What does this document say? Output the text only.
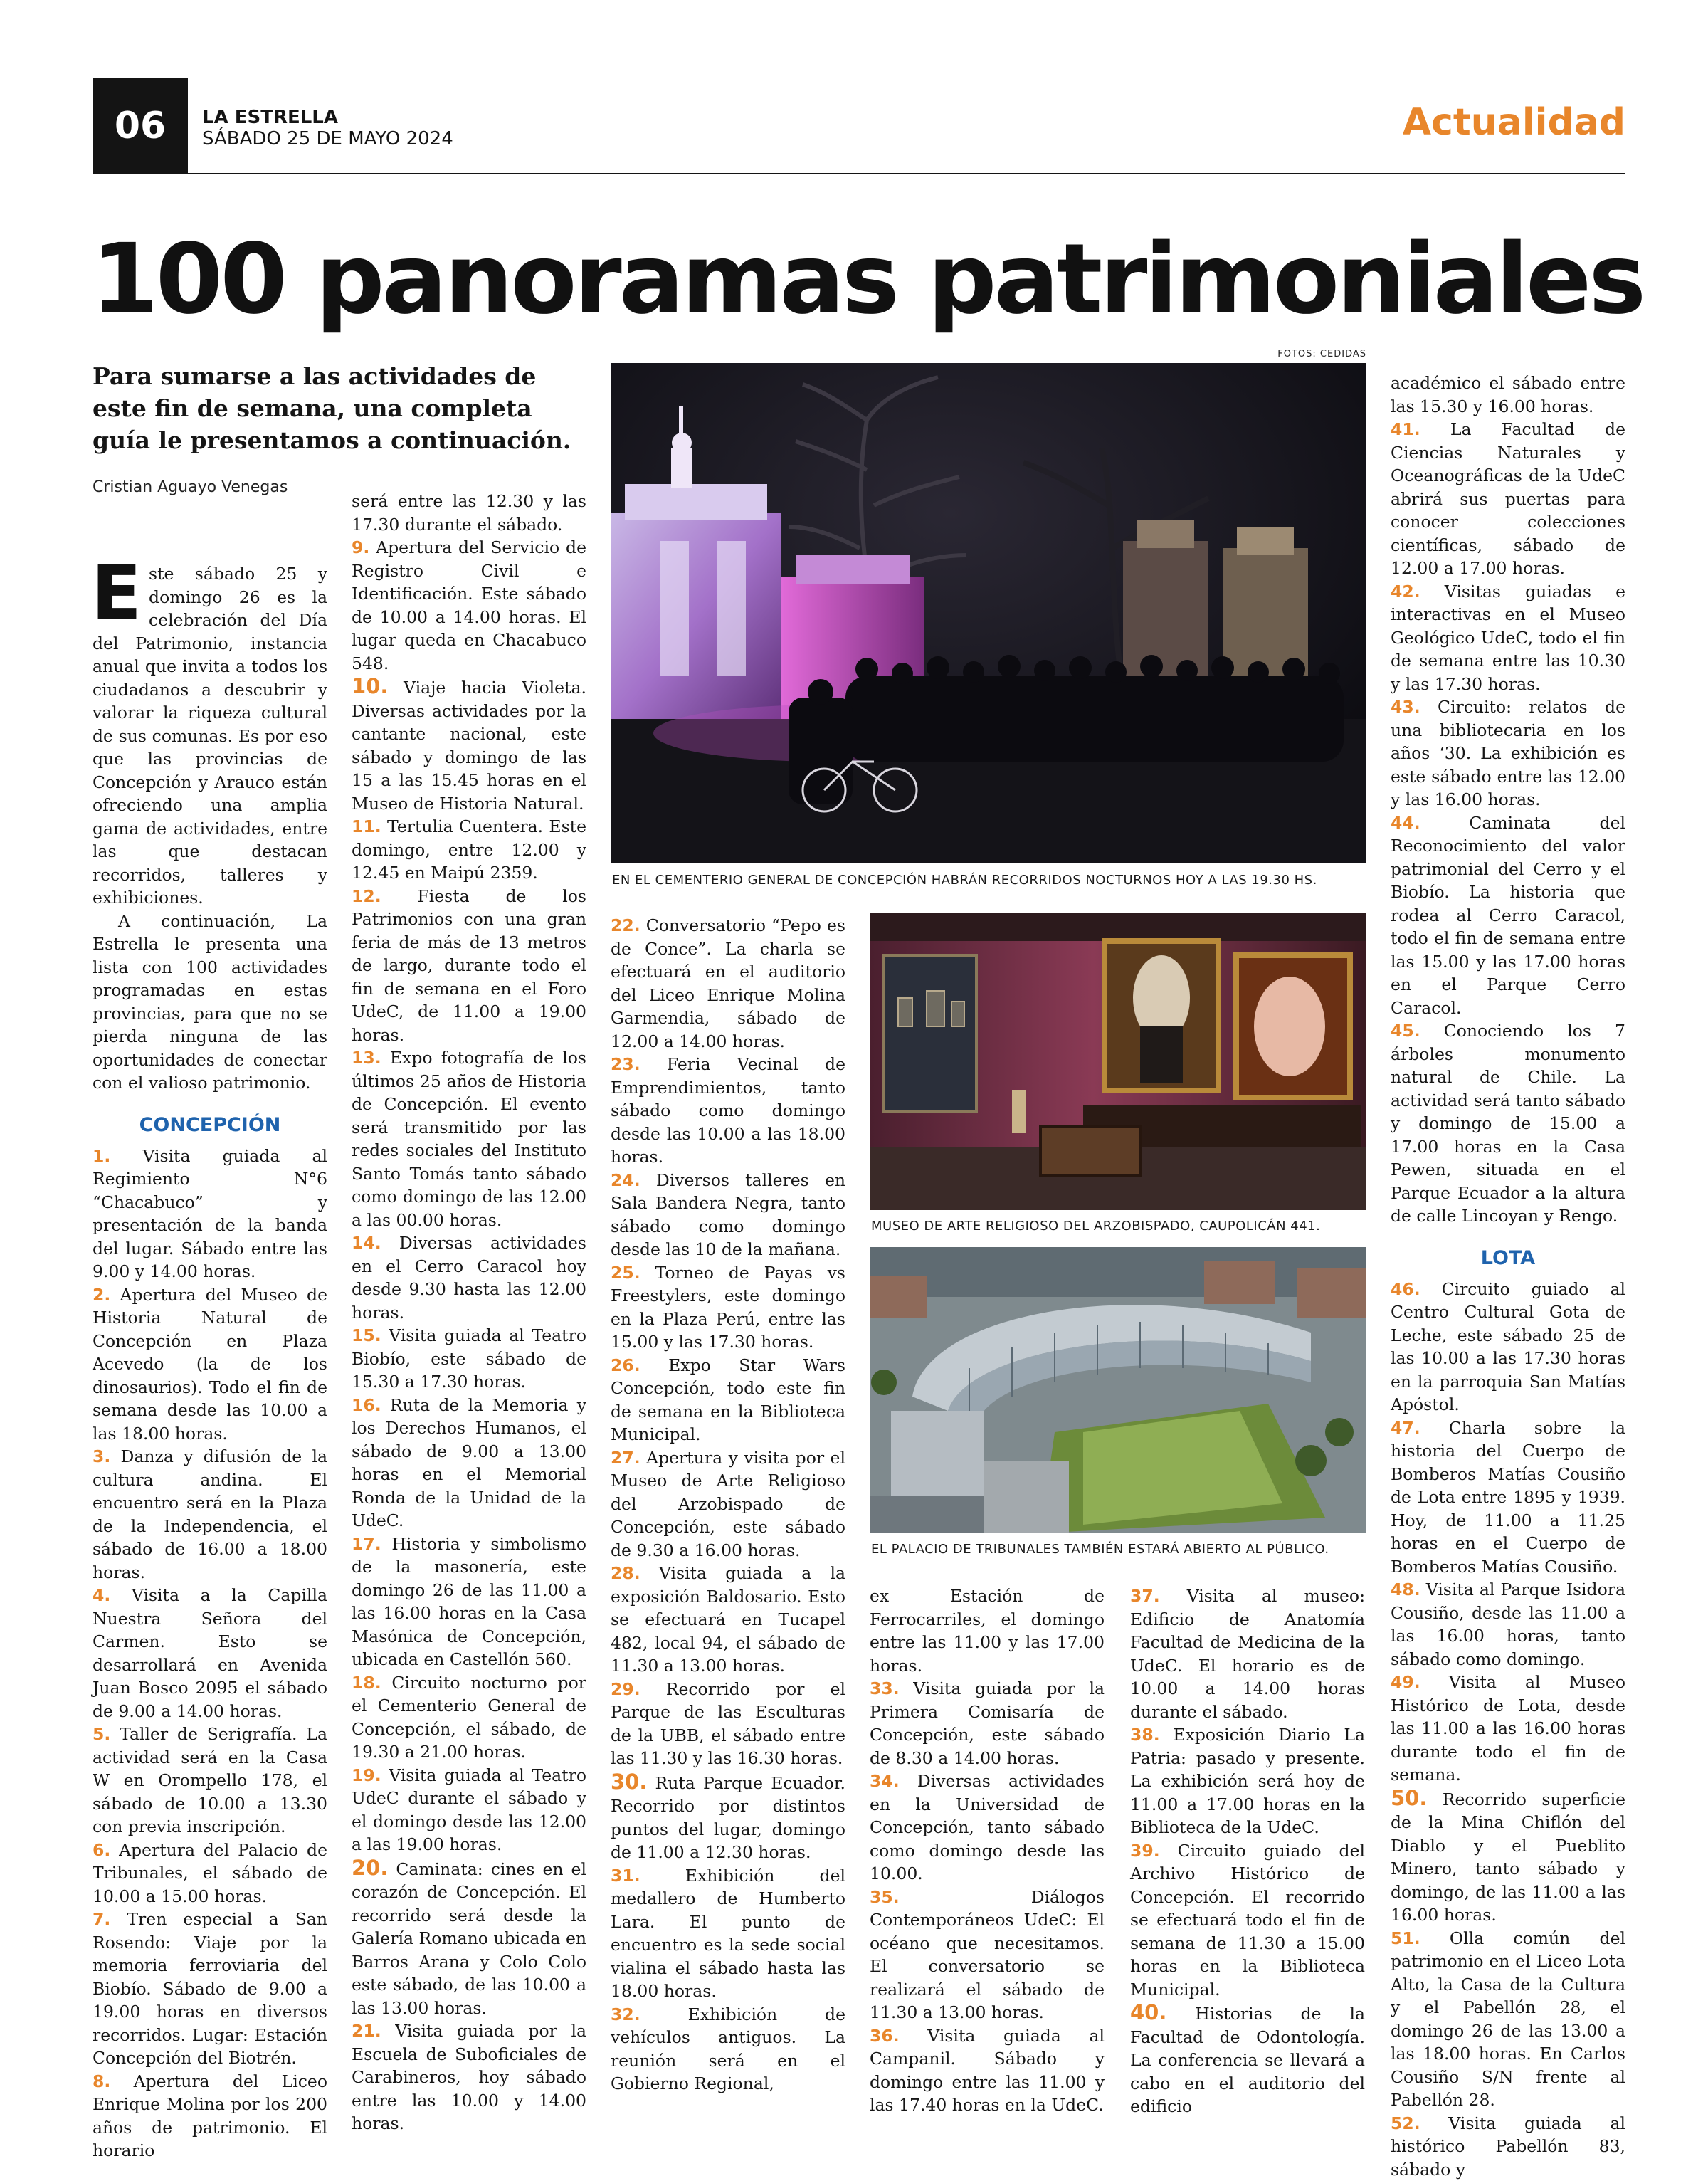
06	LA ESTRELLA
SÁBADO 25 DE MAYO 2024	Actualidad
100 panoramas patrimoniales
Para sumarse a las actividades de este fin de semana, una completa guía le presentamos a continuación.
Cristian Aguayo Venegas
FOTOS: CEDIDAS

Este sábado 25 y domingo 26 es la celebración del Día del Patrimonio, instancia anual que invita a todos los ciudadanos a descubrir y valorar la riqueza cultural de sus comunas. Es por eso que las provincias de Concepción y Arauco están ofreciendo una amplia gama de actividades, entre las que destacan recorridos, talleres y exhibiciones.

A continuación, La Estrella le presenta una lista con 100 actividades programadas en estas provincias, para que no se pierda ninguna de las oportunidades de conectar con el valioso patrimonio.

CONCEPCIÓN

1. Visita guiada al Regimiento N°6 “Chacabuco” y presentación de la banda del lugar. Sábado entre las 9.00 y 14.00 horas.

2. Apertura del Museo de Historia Natural de Concepción en Plaza Acevedo (la de los dinosaurios). Todo el fin de semana desde las 10.00 a las 18.00 horas.

3. Danza y difusión de la cultura andina. El encuentro será en la Plaza de la Independencia, el sábado de 16.00 a 18.00 horas.

4. Visita a la Capilla Nuestra Señora del Carmen. Esto se desarrollará en Avenida Juan Bosco 2095 el sábado de 9.00 a 14.00 horas.

5. Taller de Serigrafía. La actividad será en la Casa W en Orompello 178, el sábado de 10.00 a 13.30 con previa inscripción.

6. Apertura del Palacio de Tribunales, el sábado de 10.00 a 15.00 horas.

7. Tren especial a San Rosendo: Viaje por la memoria ferroviaria del Biobío. Sábado de 9.00 a 19.00 horas en diversos recorridos. Lugar: Estación Concepción del Biotrén.

8. Apertura del Liceo Enrique Molina por los 200 años de patrimonio. El horario

será entre las 12.30 y las 17.30 durante el sábado.

9. Apertura del Servicio de Registro Civil e Identificación. Este sábado de 10.00 a 14.00 horas. El lugar queda en Chacabuco 548.

10. Viaje hacia Violeta. Diversas actividades por la cantante nacional, este sábado y domingo de las 15 a las 15.45 horas en el Museo de Historia Natural.

11. Tertulia Cuentera. Este domingo, entre 12.00 y 12.45 en Maipú 2359.

12. Fiesta de los Patrimonios con una gran feria de más de 13 metros de largo, durante todo el fin de semana en el Foro UdeC, de 11.00 a 19.00 horas.

13. Expo fotografía de los últimos 25 años de Historia de Concepción. El evento será transmitido por las redes sociales del Instituto Santo Tomás tanto sábado como domingo de las 12.00 a las 00.00 horas.

14. Diversas actividades en el Cerro Caracol hoy desde 9.30 hasta las 12.00 horas.

15. Visita guiada al Teatro Biobío, este sábado de 15.30 a 17.30 horas.

16. Ruta de la Memoria y los Derechos Humanos, el sábado de 9.00 a 13.00 horas en el Memorial Ronda de la Unidad de la UdeC.

17. Historia y simbolismo de la masonería, este domingo 26 de las 11.00 a las 16.00 horas en la Casa Masónica de Concepción, ubicada en Castellón 560.

18. Circuito nocturno por el Cementerio General de Concepción, el sábado, de 19.30 a 21.00 horas.

19. Visita guiada al Teatro UdeC durante el sábado y el domingo desde las 12.00 a las 19.00 horas.

20. Caminata: cines en el corazón de Concepción. El recorrido será desde la Galería Romano ubicada en Barros Arana y Colo Colo este sábado, de las 10.00 a las 13.00 horas.

21. Visita guiada por la Escuela de Suboficiales de Carabineros, hoy sábado entre las 10.00 y 14.00 horas.

EN EL CEMENTERIO GENERAL DE CONCEPCIÓN HABRÁN RECORRIDOS NOCTURNOS HOY A LAS 19.30 HS.

22. Conversatorio “Pepo es de Conce”. La charla se efectuará en el auditorio del Liceo Enrique Molina Garmendia, sábado de 12.00 a 14.00 horas.

23. Feria Vecinal de Emprendimientos, tanto sábado como domingo desde las 10.00 a las 18.00 horas.

24. Diversos talleres en Sala Bandera Negra, tanto sábado como domingo desde las 10 de la mañana.

25. Torneo de Payas vs Freestylers, este domingo en la Plaza Perú, entre las 15.00 y las 17.30 horas.

26. Expo Star Wars Concepción, todo este fin de semana en la Biblioteca Municipal.

27. Apertura y visita por el Museo de Arte Religioso del Arzobispado de Concepción, este sábado de 9.30 a 16.00 horas.

28. Visita guiada a la exposición Baldosario. Esto se efectuará en Tucapel 482, local 94, el sábado de 11.30 a 13.00 horas.

29. Recorrido por el Parque de las Esculturas de la UBB, el sábado entre las 11.30 y las 16.30 horas.

30. Ruta Parque Ecuador. Recorrido por distintos puntos del lugar, domingo de 11.00 a 12.30 horas.

31.	Exhibición del medallero de Humberto Lara. El punto de encuentro es la sede social vialina el sábado hasta las 18.00 horas.

32.	Exhibición de vehículos antiguos. La reunión será en el Gobierno Regional,

MUSEO DE ARTE RELIGIOSO DEL ARZOBISPADO, CAUPOLICÁN 441.
EL PALACIO DE TRIBUNALES TAMBIÉN ESTARÁ ABIERTO AL PÚBLICO.

ex Estación de Ferrocarriles, el domingo entre las 11.00 y las 17.00 horas.

33. Visita guiada por la Primera Comisaría de Concepción, este sábado de 8.30 a 14.00 horas.

34. Diversas actividades en la Universidad de Concepción, tanto sábado como domingo desde las 10.00.

35.	Diálogos Contemporáneos UdeC: El océano que necesitamos. El conversatorio se realizará el sábado de 11.30 a 13.00 horas.

36. Visita guiada al Campanil. Sábado y domingo entre las 11.00 y las 17.40 horas en la UdeC.

37. Visita al museo: Edificio de Anatomía Facultad de Medicina de la UdeC. El horario es de 10.00 a 14.00 horas durante el sábado.

38. Exposición Diario La Patria: pasado y presente. La exhibición será hoy de 11.00 a 17.00 horas en la Biblioteca de la UdeC.

39. Circuito guiado del Archivo Histórico de Concepción. El recorrido se efectuará todo el fin de semana de 11.30 a 15.00 horas en la Biblioteca Municipal.

40. Historias de la Facultad de Odontología. La conferencia se llevará a cabo en el auditorio del edificio

académico el sábado entre las 15.30 y 16.00 horas.

41. La Facultad de Ciencias Naturales y Oceanográficas de la UdeC abrirá sus puertas para conocer colecciones científicas, sábado de 12.00 a 17.00 horas.

42. Visitas guiadas e interactivas en el Museo Geológico UdeC, todo el fin de semana entre las 10.30 y las 17.30 horas.

43. Circuito: relatos de una bibliotecaria en los años ‘30. La exhibición es este sábado entre las 12.00 y las 16.00 horas.

44.	Caminata del Reconocimiento del valor patrimonial del Cerro y el Biobío. La historia que rodea al Cerro Caracol, todo el fin de semana entre las 15.00 y las 17.00 horas en el Parque Cerro Caracol.

45. Conociendo los 7 árboles monumento natural de Chile. La actividad será tanto sábado y domingo de 15.00 a 17.00 horas en la Casa Pewen, situada en el Parque Ecuador a la altura de calle Lincoyan y Rengo.

LOTA

46. Circuito guiado al Centro Cultural Gota de Leche, este sábado 25 de las 10.00 a las 17.30 horas en la parroquia San Matías Apóstol.

47. Charla sobre la historia del Cuerpo de Bomberos Matías Cousiño de Lota entre 1895 y 1939. Hoy, de 11.00 a 11.25 horas en el Cuerpo de Bomberos Matías Cousiño.

48. Visita al Parque Isidora Cousiño, desde las 11.00 a las 16.00 horas, tanto sábado como domingo.

49. Visita al Museo Histórico de Lota, desde las 11.00 a las 16.00 horas durante todo el fin de semana.

50. Recorrido superficie de la Mina Chiflón del Diablo y el Pueblito Minero, tanto sábado y domingo, de las 11.00 a las 16.00 horas.

51. Olla común del patrimonio en el Liceo Lota Alto, la Casa de la Cultura y el Pabellón 28, el domingo 26 de las 13.00 a las 18.00 horas. En Carlos Cousiño S/N frente al Pabellón 28.

52. Visita guiada al histórico Pabellón 83, sábado y
